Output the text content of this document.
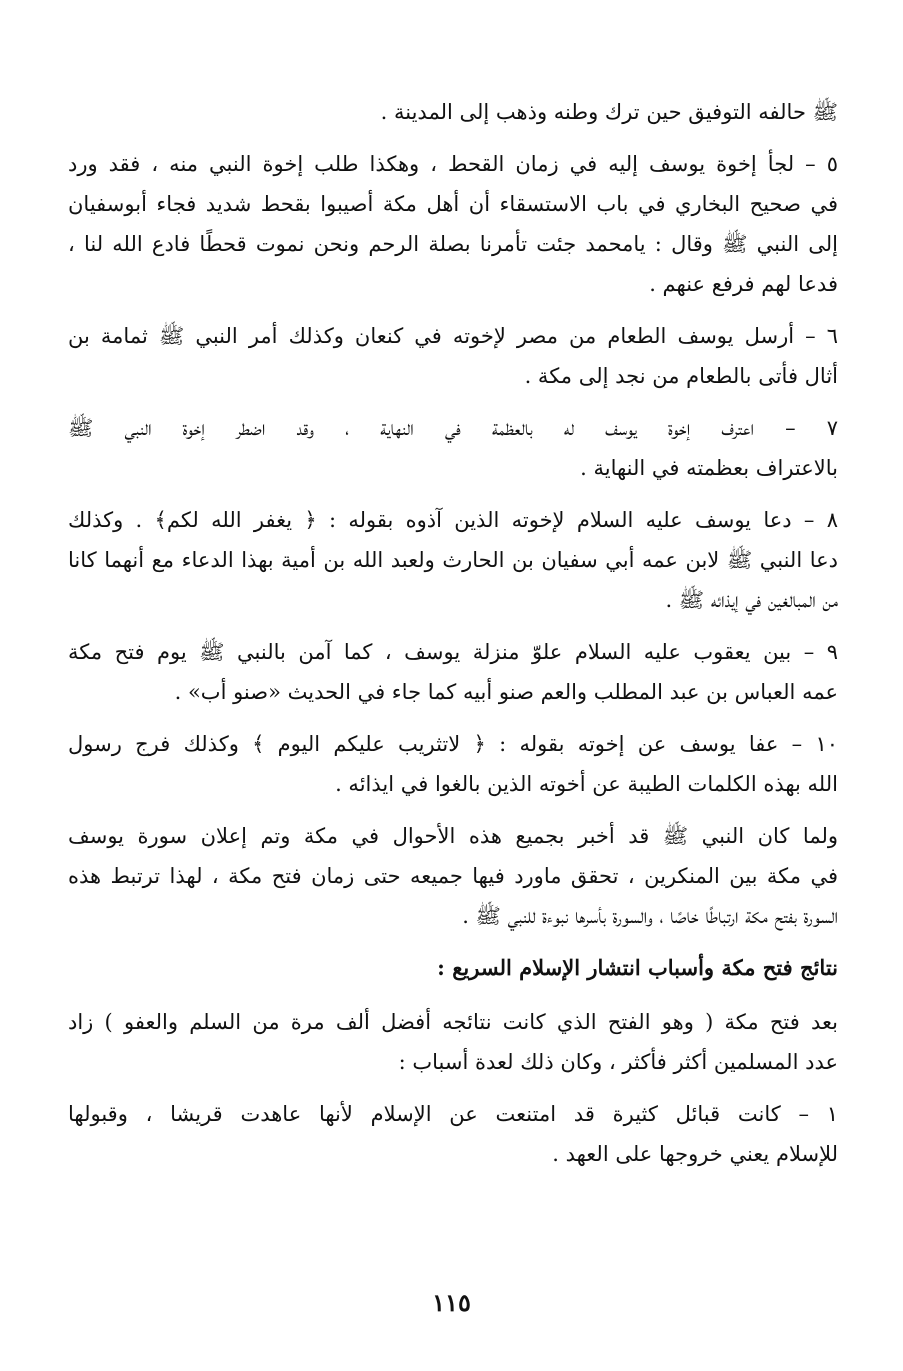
ﷺ حالفه التوفيق حين ترك وطنه وذهب إلى المدينة .
٥ – لجأ إخوة يوسف إليه في زمان القحط ، وهكذا طلب إخوة النبي منه ، فقد ورد
في صحيح البخاري في باب الاستسقاء أن أهل مكة أصيبوا بقحط شديد فجاء أبوسفيان
إلى النبي ﷺ وقال : يامحمد جئت تأمرنا بصلة الرحم ونحن نموت قحطًا فادع الله لنا ،
فدعا لهم فرفع عنهم .
٦ – أرسل يوسف الطعام من مصر لإخوته في كنعان وكذلك أمر النبي ﷺ ثمامة بن
أثال فأتى بالطعام من نجد إلى مكة .
٧ – اعترف إخوة يوسف له بالعظمة في النهاية ، وقد اضطر إخوة النبي ﷺ
بالاعتراف بعظمته في النهاية .
٨ – دعا يوسف عليه السلام لإخوته الذين آذوه بقوله : ﴿ يغفر الله لكم﴾ . وكذلك
دعا النبي ﷺ لابن عمه أبي سفيان بن الحارث ولعبد الله بن أمية بهذا الدعاء مع أنهما كانا
من المبالغين في إيذائه ﷺ .
٩ – بين يعقوب عليه السلام علوّ منزلة يوسف ، كما آمن بالنبي ﷺ يوم فتح مكة
عمه العباس بن عبد المطلب والعم صنو أبيه كما جاء في الحديث «صنو أب» .
١٠ – عفا يوسف عن إخوته بقوله : ﴿ لاتثريب عليكم اليوم ﴾ وكذلك فرج رسول
الله بهذه الكلمات الطيبة عن أخوته الذين بالغوا في ايذائه .
ولما كان النبي ﷺ قد أخبر بجميع هذه الأحوال في مكة وتم إعلان سورة يوسف
في مكة بين المنكرين ، تحقق ماورد فيها جميعه حتى زمان فتح مكة ، لهذا ترتبط هذه
السورة بفتح مكة ارتباطًا خاصًا ، والسورة بأسرها نبوءة للنبي ﷺ .
نتائج فتح مكة وأسباب انتشار الإسلام السريع :
بعد فتح مكة ( وهو الفتح الذي كانت نتائجه أفضل ألف مرة من السلم والعفو ) زاد
عدد المسلمين أكثر فأكثر ، وكان ذلك لعدة أسباب :
١ – كانت قبائل كثيرة قد امتنعت عن الإسلام لأنها عاهدت قريشا ، وقبولها
للإسلام يعني خروجها على العهد .
١١٥
